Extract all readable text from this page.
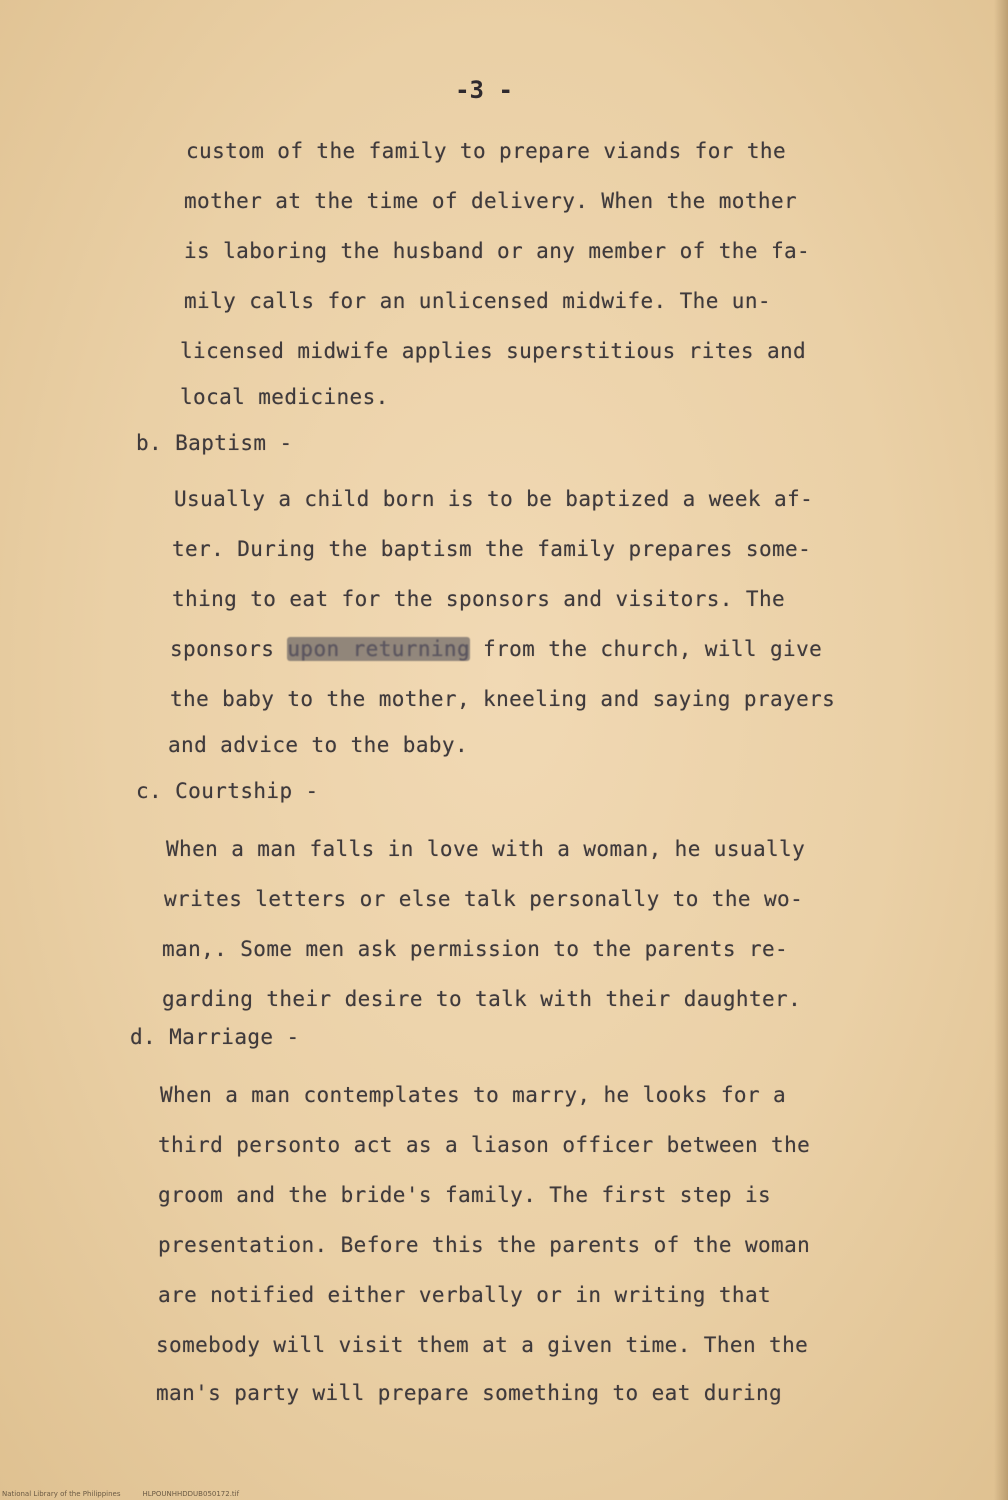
-3 -
custom of the family to prepare viands for the
mother at the time of delivery. When the mother
is laboring the husband or any member of the fa-
mily calls for an unlicensed midwife. The un-
licensed midwife applies superstitious rites and
local medicines.
b. Baptism -
Usually a child born is to be baptized a week af-
ter. During the baptism the family prepares some-
thing to eat for the sponsors and visitors. The
sponsors upon returning from the church, will give
the baby to the mother, kneeling and saying prayers
and advice to the baby.
c. Courtship -
When a man falls in love with a woman, he usually
writes letters or else talk personally to the wo-
man,. Some men ask permission to the parents re-
garding their desire to talk with their daughter.
d. Marriage -
When a man contemplates to marry, he looks for a
third personto act as a liason officer between the
groom and the bride's family. The first step is
presentation. Before this the parents of the woman
are notified either verbally or in writing that
somebody will visit them at a given time. Then the
man's party will prepare something to eat during
National Library of the Philippines	HLPOUNHHDDUB050172.tif
